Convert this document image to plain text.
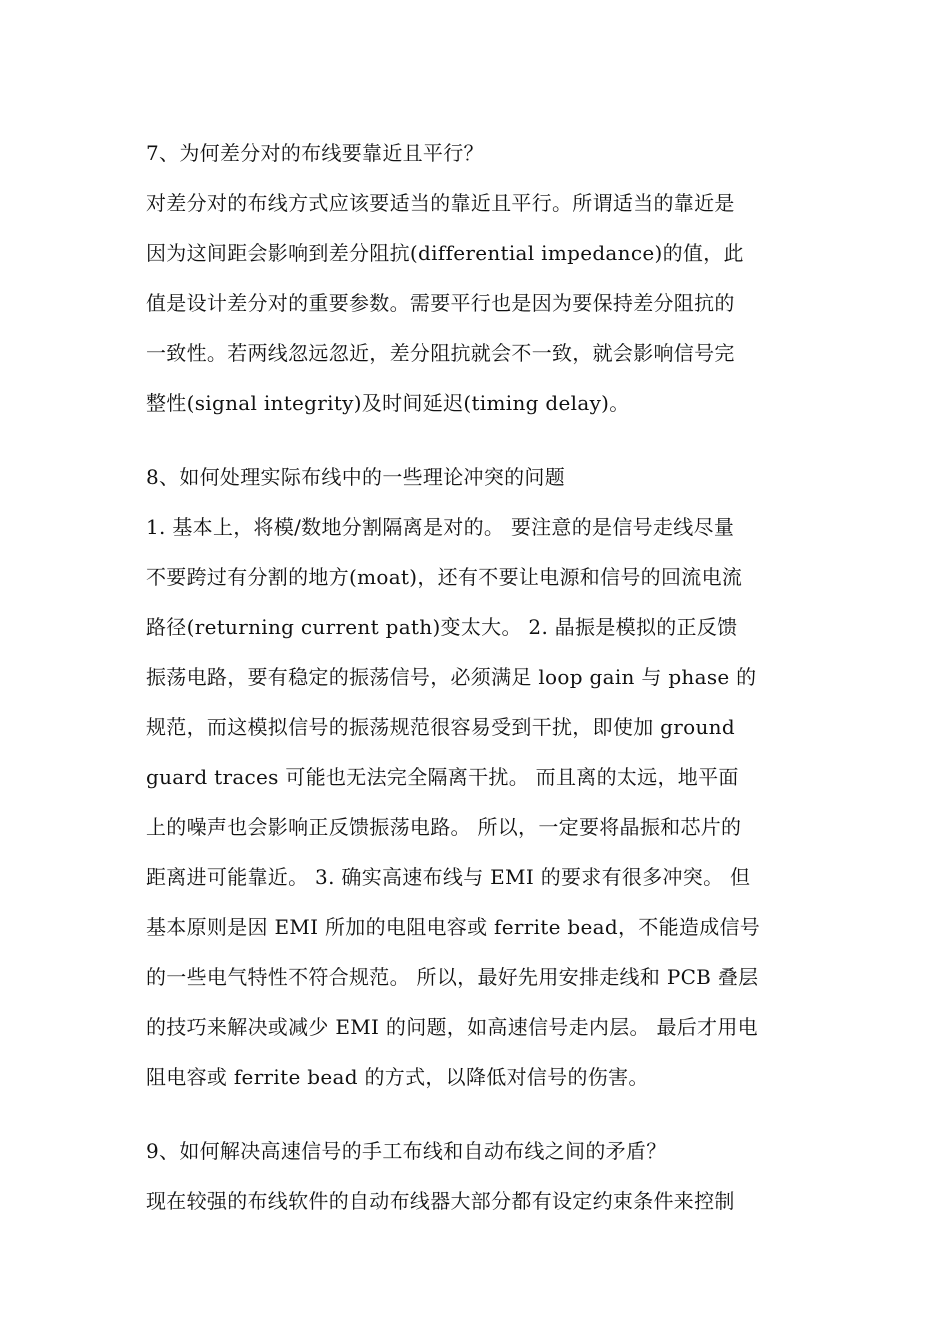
7、为何差分对的布线要靠近且平行？
对差分对的布线方式应该要适当的靠近且平行。所谓适当的靠近是
因为这间距会影响到差分阻抗(differential impedance)的值，此
值是设计差分对的重要参数。需要平行也是因为要保持差分阻抗的
一致性。若两线忽远忽近，差分阻抗就会不一致，就会影响信号完
整性(signal integrity)及时间延迟(timing delay)。
8、如何处理实际布线中的一些理论冲突的问题
1. 基本上，将模/数地分割隔离是对的。 要注意的是信号走线尽量
不要跨过有分割的地方(moat)，还有不要让电源和信号的回流电流
路径(returning current path)变太大。 2. 晶振是模拟的正反馈
振荡电路，要有稳定的振荡信号，必须满足 loop gain 与 phase 的
规范，而这模拟信号的振荡规范很容易受到干扰，即使加 ground
guard traces 可能也无法完全隔离干扰。 而且离的太远，地平面
上的噪声也会影响正反馈振荡电路。 所以，一定要将晶振和芯片的
距离进可能靠近。 3. 确实高速布线与 EMI 的要求有很多冲突。 但
基本原则是因 EMI 所加的电阻电容或 ferrite bead，不能造成信号
的一些电气特性不符合规范。 所以，最好先用安排走线和 PCB 叠层
的技巧来解决或减少 EMI 的问题，如高速信号走内层。 最后才用电
阻电容或 ferrite bead 的方式，以降低对信号的伤害。
9、如何解决高速信号的手工布线和自动布线之间的矛盾？
现在较强的布线软件的自动布线器大部分都有设定约束条件来控制
